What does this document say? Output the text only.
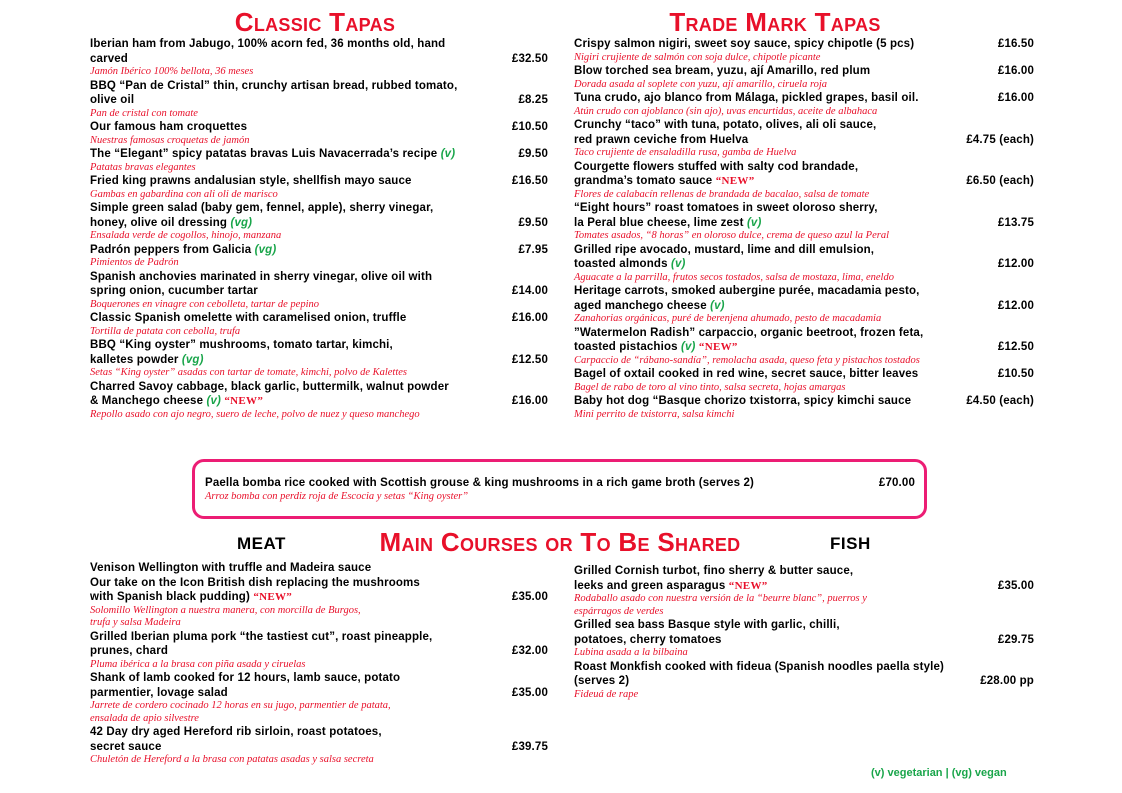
Classic Tapas	Trade Mark Tapas
Iberian ham from Jabugo, 100% acorn fed, 36 months old, hand
carved	£32.50
Jamón Ibérico 100% bellota, 36 meses
BBQ “Pan de Cristal” thin, crunchy artisan bread, rubbed tomato,
olive oil	£8.25
Pan de cristal con tomate
Our famous ham croquettes	£10.50
Nuestras famosas croquetas de jamón
The “Elegant” spicy patatas bravas Luis Navacerrada’s recipe (v)	£9.50
Patatas bravas elegantes
Fried king prawns andalusian style, shellfish mayo sauce	£16.50
Gambas en gabardina con ali oli de marisco
Simple green salad (baby gem, fennel, apple), sherry vinegar,
honey, olive oil dressing (vg)	£9.50
Ensalada verde de cogollos, hinojo, manzana
Padrón peppers from Galicia (vg)	£7.95
Pimientos de Padrón
Spanish anchovies marinated in sherry vinegar, olive oil with
spring onion, cucumber tartar	£14.00
Boquerones en vinagre con cebolleta, tartar de pepino
Classic Spanish omelette with caramelised onion, truffle	£16.00
Tortilla de patata con cebolla, trufa
BBQ “King oyster” mushrooms, tomato tartar, kimchi,
kalletes powder (vg)	£12.50
Setas “King oyster” asadas con tartar de tomate, kimchi, polvo de Kalettes
Charred Savoy cabbage, black garlic, buttermilk, walnut powder
& Manchego cheese (v) “NEW”	£16.00
Repollo asado con ajo negro, suero de leche, polvo de nuez y queso manchego
Crispy salmon nigiri, sweet soy sauce, spicy chipotle (5 pcs)	£16.50
Nigiri crujiente de salmón con soja dulce, chipotle picante
Blow torched sea bream, yuzu, ají Amarillo, red plum	£16.00
Dorada asada al soplete con yuzu, ají amarillo, ciruela roja
Tuna crudo, ajo blanco from Málaga, pickled grapes, basil oil.	£16.00
Atún crudo con ajoblanco (sin ajo), uvas encurtidas, aceite de albahaca
Crunchy “taco” with tuna, potato, olives, ali oli sauce,
red prawn ceviche from Huelva	£4.75 (each)
Taco crujiente de ensaladilla rusa, gamba de Huelva
Courgette flowers stuffed with salty cod brandade,
grandma’s tomato sauce “NEW”	£6.50 (each)
Flores de calabacín rellenas de brandada de bacalao, salsa de tomate
“Eight hours” roast tomatoes in sweet oloroso sherry,
la Peral blue cheese, lime zest (v)	£13.75
Tomates asados, “8 horas” en oloroso dulce, crema de queso azul la Peral
Grilled ripe avocado, mustard, lime and dill emulsion,
toasted almonds (v)	£12.00
Aguacate a la parrilla, frutos secos tostados, salsa de mostaza, lima, eneldo
Heritage carrots, smoked aubergine purée, macadamia pesto,
aged manchego cheese (v)	£12.00
Zanahorias orgánicas, puré de berenjena ahumado, pesto de macadamia
”Watermelon Radish” carpaccio, organic beetroot, frozen feta,
toasted pistachios (v) “NEW”	£12.50
Carpaccio de “rábano-sandía”, remolacha asada, queso feta y pistachos tostados
Bagel of oxtail cooked in red wine, secret sauce, bitter leaves	£10.50
Bagel de rabo de toro al vino tinto, salsa secreta, hojas amargas
Baby hot dog “Basque chorizo txistorra, spicy kimchi sauce	£4.50 (each)
Mini perrito de txistorra, salsa kimchi
Paella bomba rice cooked with Scottish grouse & king mushrooms in a rich game broth (serves 2)	£70.00
Arroz bomba con perdiz roja de Escocia y setas “King oyster”
MEAT	Main Courses or To Be Shared	FISH
Venison Wellington with truffle and Madeira sauce
Our take on the Icon British dish replacing the mushrooms
with Spanish black pudding) “NEW”	£35.00
Solomillo Wellington a nuestra manera, con morcilla de Burgos,
trufa y salsa Madeira
Grilled Iberian pluma pork “the tastiest cut”, roast pineapple,
prunes, chard	£32.00
Pluma ibérica a la brasa con piña asada y ciruelas
Shank of lamb cooked for 12 hours, lamb sauce, potato
parmentier, lovage salad	£35.00
Jarrete de cordero cocinado 12 horas en su jugo, parmentier de patata,
ensalada de apio silvestre
42 Day dry aged Hereford rib sirloin, roast potatoes,
secret sauce	£39.75
Chuletón de Hereford a la brasa con patatas asadas y salsa secreta
Grilled Cornish turbot, fino sherry & butter sauce,
leeks and green asparagus “NEW”	£35.00
Rodaballo asado con nuestra versión de la “beurre blanc”, puerros y
espárragos de verdes
Grilled sea bass Basque style with garlic, chilli,
potatoes, cherry tomatoes	£29.75
Lubina asada a la bilbaina
Roast Monkfish cooked with fideua (Spanish noodles paella style)
(serves 2)	£28.00 pp
Fideuá de rape
(v) vegetarian | (vg) vegan
